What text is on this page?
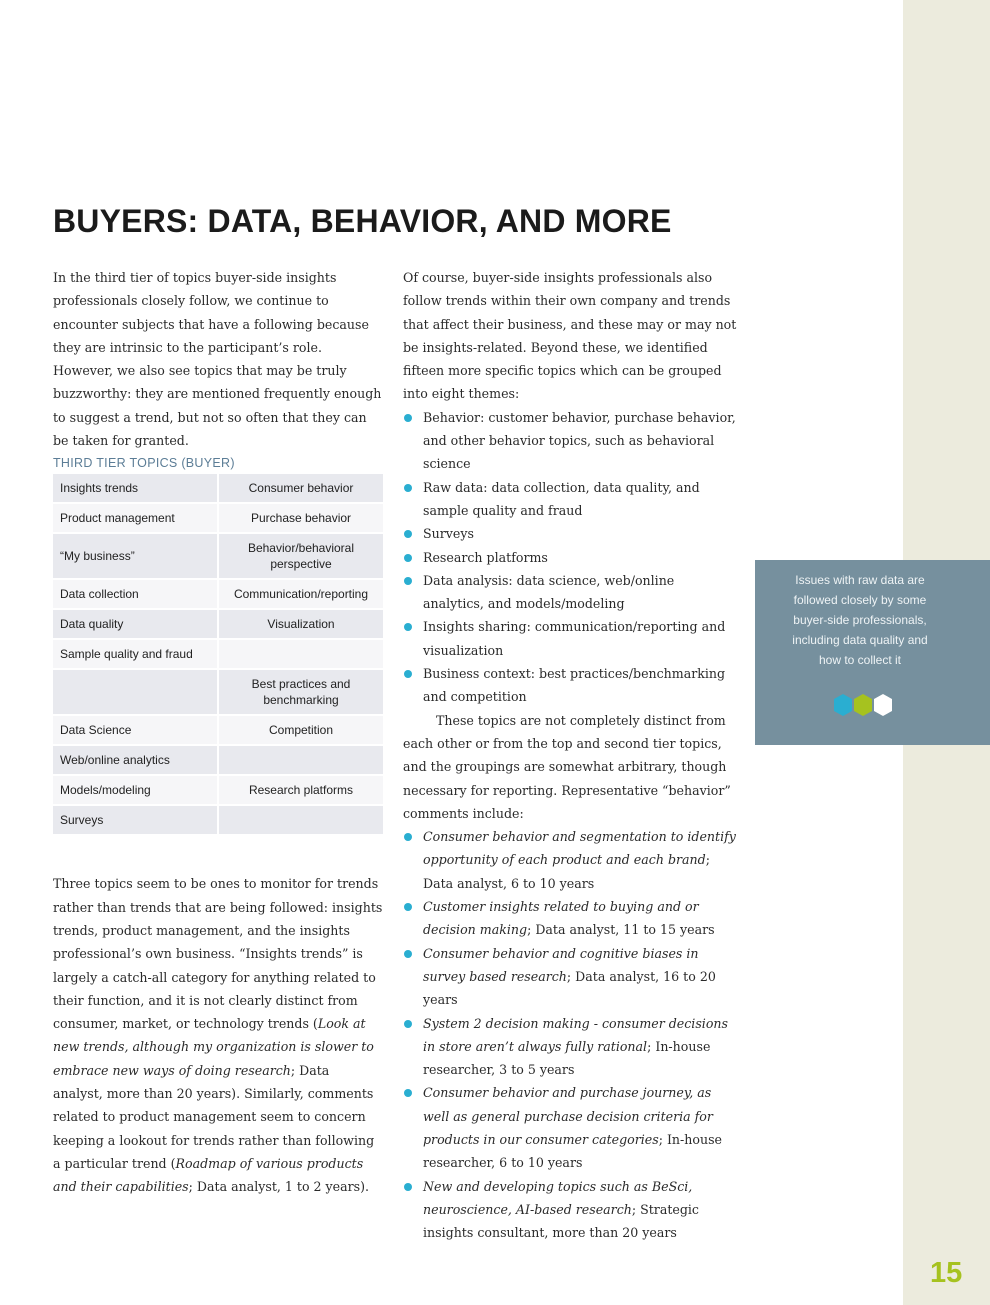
BUYERS: DATA, BEHAVIOR, AND MORE

In the third tier of topics buyer-side insights professionals closely follow, we continue to encounter subjects that have a following because they are intrinsic to the participant’s role. However, we also see topics that may be truly buzzworthy: they are mentioned frequently enough to suggest a trend, but not so often that they can be taken for granted.

THIRD TIER TOPICS (BUYER)

Insights trends	Consumer behavior
Product management	Purchase behavior
“My business”	Behavior/behavioral perspective
Data collection	Communication/reporting
Data quality	Visualization
Sample quality and fraud	
	Best practices and benchmarking
Data Science	Competition
Web/online analytics	
Models/modeling	Research platforms
Surveys	

Three topics seem to be ones to monitor for trends rather than trends that are being followed: insights trends, product management, and the insights professional’s own business. “Insights trends” is largely a catch-all category for anything related to their function, and it is not clearly distinct from consumer, market, or technology trends (Look at new trends, although my organization is slower to embrace new ways of doing research; Data analyst, more than 20 years). Similarly, comments related to product management seem to concern keeping a lookout for trends rather than following a particular trend (Roadmap of various products and their capabilities; Data analyst, 1 to 2 years).

Of course, buyer-side insights professionals also follow trends within their own company and trends that affect their business, and these may or may not be insights-related. Beyond these, we identified fifteen more specific topics which can be grouped into eight themes:

Behavior: customer behavior, purchase behavior, and other behavior topics, such as behavioral science
Raw data: data collection, data quality, and sample quality and fraud
Surveys
Research platforms
Data analysis: data science, web/online analytics, and models/modeling
Insights sharing: communication/reporting and visualization
Business context: best practices/benchmarking and competition

These topics are not completely distinct from each other or from the top and second tier topics, and the groupings are somewhat arbitrary, though necessary for reporting. Representative “behavior” comments include:

Consumer behavior and segmentation to identify opportunity of each product and each brand; Data analyst, 6 to 10 years
Customer insights related to buying and or decision making; Data analyst, 11 to 15 years
Consumer behavior and cognitive biases in survey based research; Data analyst, 16 to 20 years
System 2 decision making - consumer decisions in store aren’t always fully rational; In-house researcher, 3 to 5 years
Consumer behavior and purchase journey, as well as general purchase decision criteria for products in our consumer categories; In-house researcher, 6 to 10 years
New and developing topics such as BeSci, neuroscience, AI-based research; Strategic insights consultant, more than 20 years
Issues with raw data are followed closely by some buyer-side professionals, including data quality and how to collect it
15
